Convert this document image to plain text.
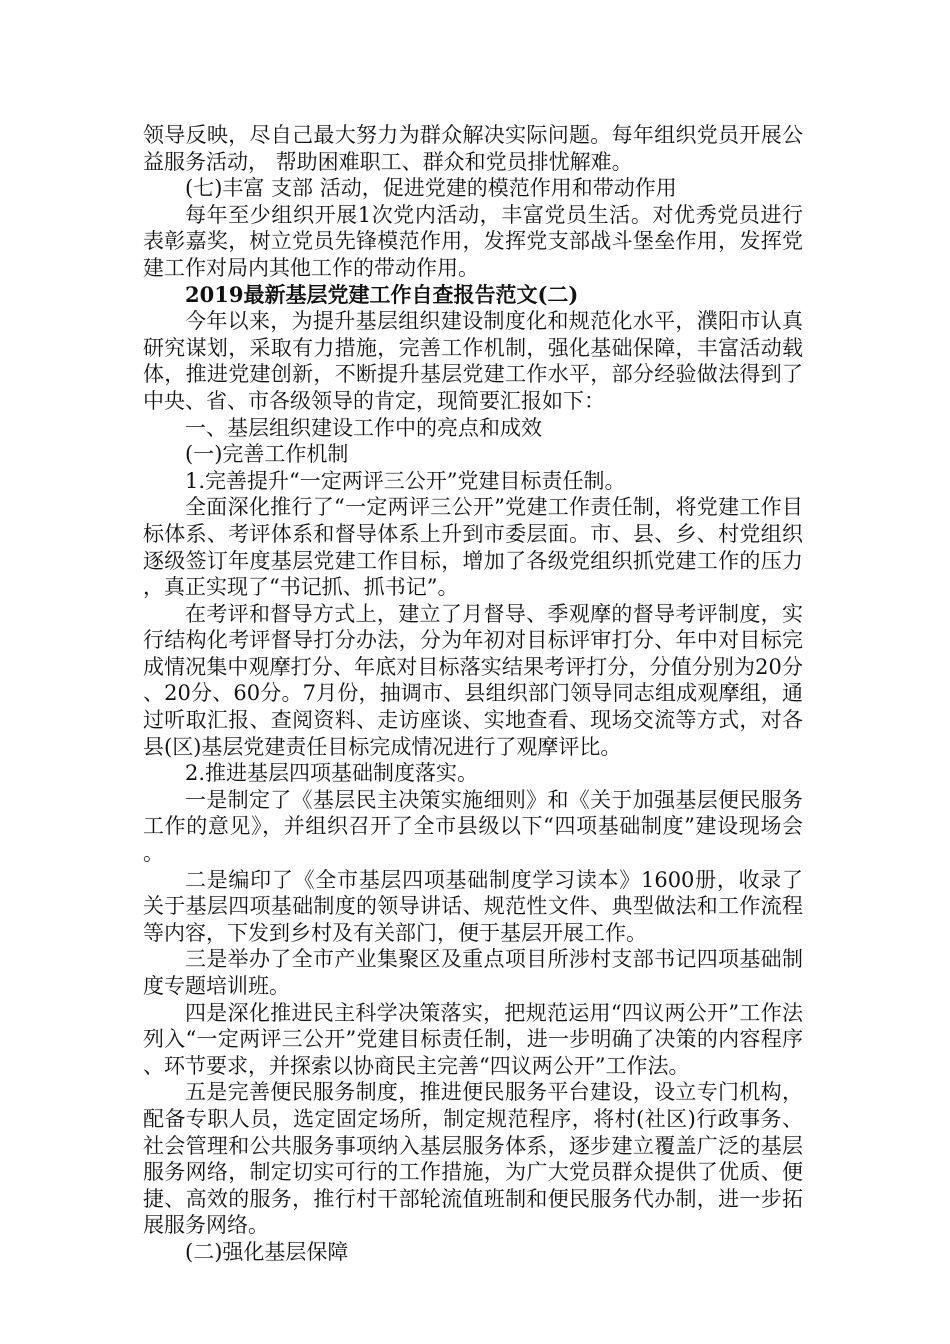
领导反映，尽自己最大努力为群众解决实际问题。每年组织党员开展公益服务活动， 帮助困难职工、群众和党员排忧解难。

(七)丰富 支部 活动，促进党建的模范作用和带动作用

每年至少组织开展1次党内活动，丰富党员生活。对优秀党员进行表彰嘉奖，树立党员先锋模范作用，发挥党支部战斗堡垒作用，发挥党建工作对局内其他工作的带动作用。

2019最新基层党建工作自查报告范文(二)

今年以来，为提升基层组织建设制度化和规范化水平，濮阳市认真研究谋划，采取有力措施，完善工作机制，强化基础保障，丰富活动载体，推进党建创新，不断提升基层党建工作水平，部分经验做法得到了中央、省、市各级领导的肯定，现简要汇报如下：

一、基层组织建设工作中的亮点和成效

(一)完善工作机制

1.完善提升“一定两评三公开”党建目标责任制。

全面深化推行了“一定两评三公开”党建工作责任制，将党建工作目标体系、考评体系和督导体系上升到市委层面。市、县、乡、村党组织逐级签订年度基层党建工作目标，增加了各级党组织抓党建工作的压力，真正实现了“书记抓、抓书记”。

在考评和督导方式上，建立了月督导、季观摩的督导考评制度，实行结构化考评督导打分办法，分为年初对目标评审打分、年中对目标完成情况集中观摩打分、年底对目标落实结果考评打分，分值分别为20分、20分、60分。7月份，抽调市、县组织部门领导同志组成观摩组，通过听取汇报、查阅资料、走访座谈、实地查看、现场交流等方式，对各县(区)基层党建责任目标完成情况进行了观摩评比。

2.推进基层四项基础制度落实。

一是制定了《基层民主决策实施细则》和《关于加强基层便民服务工作的意见》，并组织召开了全市县级以下“四项基础制度”建设现场会。

二是编印了《全市基层四项基础制度学习读本》1600册，收录了关于基层四项基础制度的领导讲话、规范性文件、典型做法和工作流程等内容，下发到乡村及有关部门，便于基层开展工作。

三是举办了全市产业集聚区及重点项目所涉村支部书记四项基础制度专题培训班。

四是深化推进民主科学决策落实，把规范运用“四议两公开”工作法列入“一定两评三公开”党建目标责任制，进一步明确了决策的内容程序、环节要求，并探索以协商民主完善“四议两公开”工作法。

五是完善便民服务制度，推进便民服务平台建设，设立专门机构，配备专职人员，选定固定场所，制定规范程序，将村(社区)行政事务、社会管理和公共服务事项纳入基层服务体系，逐步建立覆盖广泛的基层服务网络，制定切实可行的工作措施，为广大党员群众提供了优质、便捷、高效的服务，推行村干部轮流值班制和便民服务代办制，进一步拓展服务网络。

(二)强化基层保障
